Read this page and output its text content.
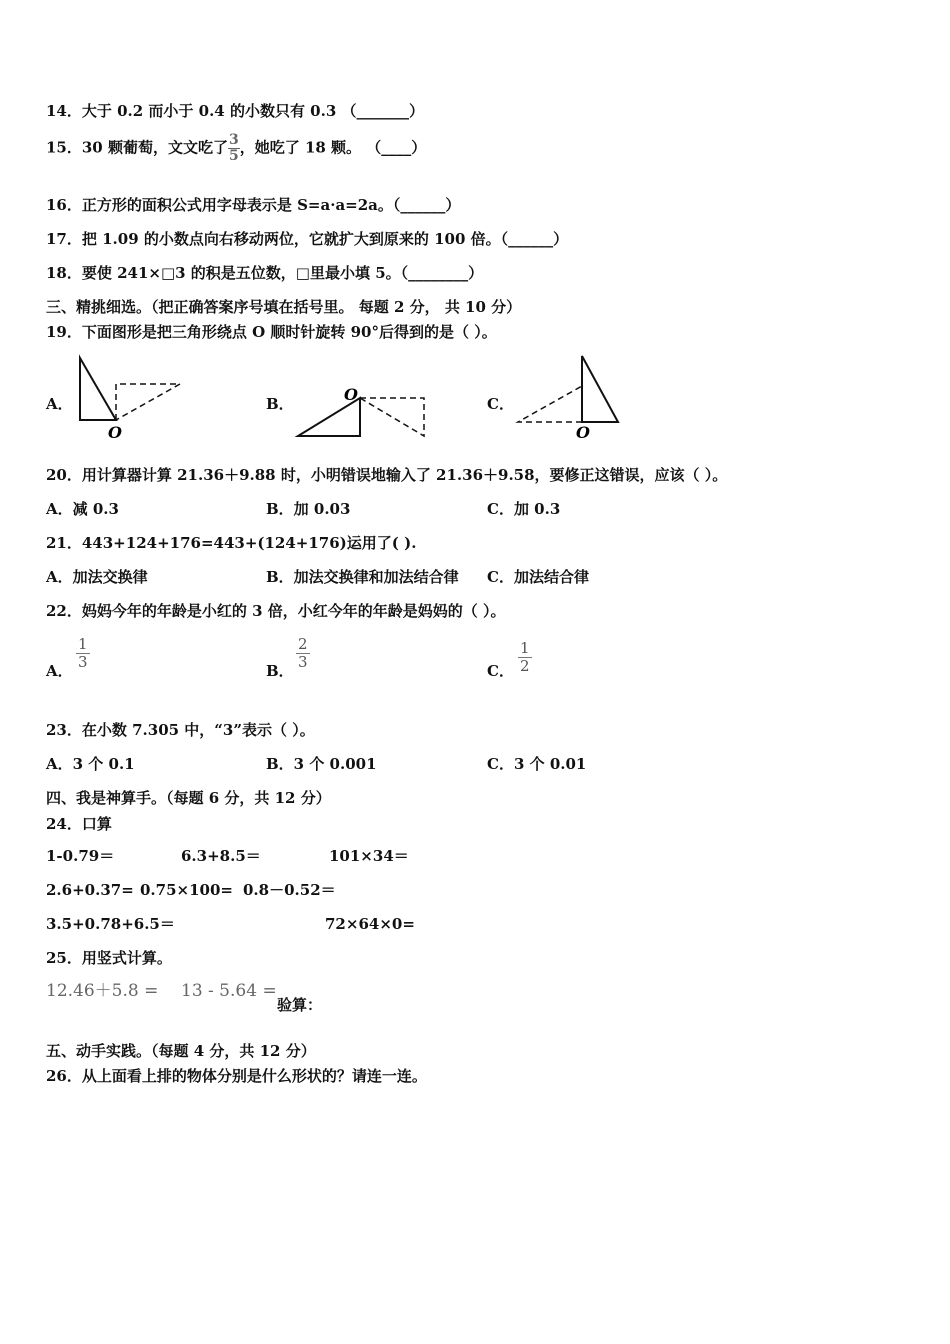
14．大于 0.2 而小于 0.4 的小数只有 0.3 （_______）
15．30 颗葡萄，文文吃了 $\frac{3}{5}$ ，她吃了 18 颗。 （____）
16．正方形的面积公式用字母表示是 S=a·a=2a。（______）
17．把 1.09 的小数点向右移动两位，它就扩大到原来的 100 倍。（______）
18．要使 241×□3 的积是五位数，□里最小填 5。（________）
三、精挑细选。（把正确答案序号填在括号里。 每题 2 分， 共 10 分）
19．下面图形是把三角形绕点 O 顺时针旋转 90°后得到的是（ ）。
A．
O
B．	O	C．
O
20．用计算器计算 21.36＋9.88 时，小明错误地输入了 21.36＋9.58，要修正这错误，应该（ ）。
A．减 0.3	B．加 0.03	C．加 0.3
21．443+124+176=443+(124+176)运用了( ).
A．加法交换律	B．加法交换律和加法结合律 C．加法结合律
22．妈妈今年的年龄是小红的 3 倍，小红今年的年龄是妈妈的（ ）。
A． $\frac{1}{3}$	B． $\frac{2}{3}$	C． $\frac{1}{2}$
23．在小数 7.305 中，“3”表示（ ）。
A．3 个 0.1	B．3 个 0.001	C．3 个 0.01
四、我是神算手。（每题 6 分，共 12 分）
24．口算
1-0.79＝	6.3+8.5＝	101×34＝
2.6+0.37= 0.75×100= 0.8－0.52＝
3.5+0.78+6.5＝	72×64×0=
25．用竖式计算。
12.46＋5.8 = 13 - 5.64 =
验算：
五、动手实践。（每题 4 分，共 12 分）
26．从上面看上排的物体分别是什么形状的？请连一连。
